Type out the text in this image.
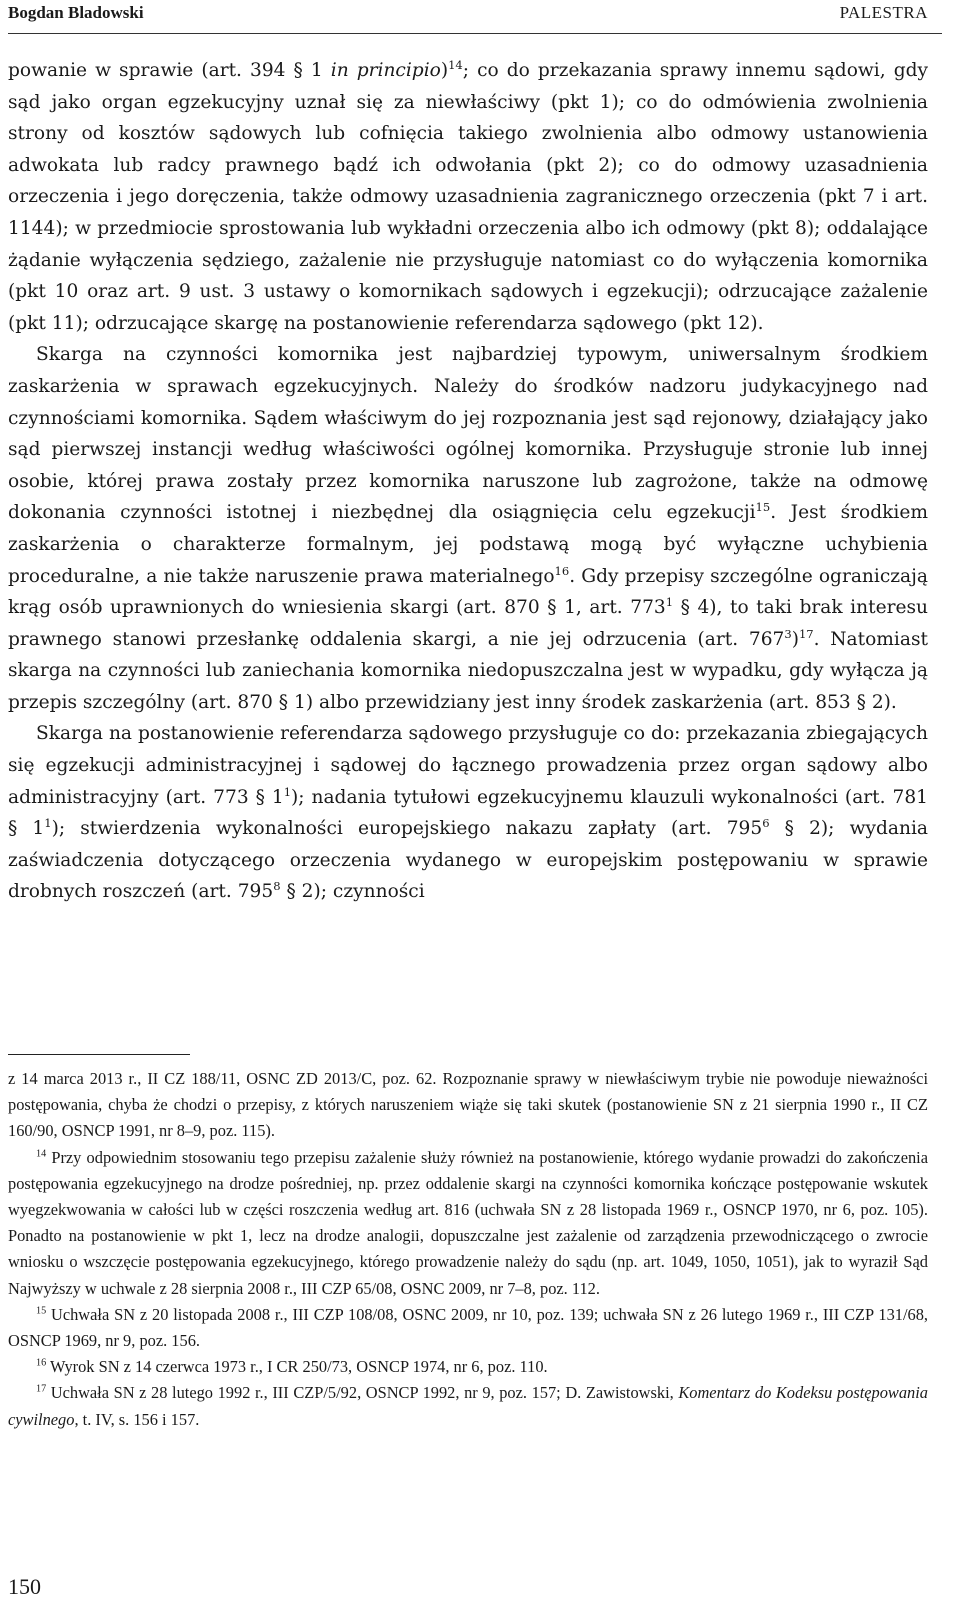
Bogdan Bladowski	PALESTRA

powanie w sprawie (art. 394 § 1 in principio)$^{14}$; co do przekazania sprawy innemu sądowi, gdy sąd jako organ egzekucyjny uznał się za niewłaściwy (pkt 1); co do odmówienia zwolnienia strony od kosztów sądowych lub cofnięcia takiego zwolnienia albo odmowy ustanowienia adwokata lub radcy prawnego bądź ich odwołania (pkt 2); co do odmowy uzasadnienia orzeczenia i jego doręczenia, także odmowy uzasadnienia zagranicznego orzeczenia (pkt 7 i art. 1144); w przedmiocie sprostowania lub wykładni orzeczenia albo ich odmowy (pkt 8); oddalające żądanie wyłączenia sędziego, zażalenie nie przysługuje natomiast co do wyłączenia komornika (pkt 10 oraz art. 9 ust. 3 ustawy o komornikach sądowych i egzekucji); odrzucające zażalenie (pkt 11); odrzucające skargę na postanowienie referendarza sądowego (pkt 12).

Skarga na czynności komornika jest najbardziej typowym, uniwersalnym środkiem zaskarżenia w sprawach egzekucyjnych. Należy do środków nadzoru judykacyjnego nad czynnościami komornika. Sądem właściwym do jej rozpoznania jest sąd rejonowy, działający jako sąd pierwszej instancji według właściwości ogólnej komornika. Przysługuje stronie lub innej osobie, której prawa zostały przez komornika naruszone lub zagrożone, także na odmowę dokonania czynności istotnej i niezbędnej dla osiągnięcia celu egzekucji$^{15}$. Jest środkiem zaskarżenia o charakterze formalnym, jej podstawą mogą być wyłączne uchybienia proceduralne, a nie także naruszenie prawa materialnego$^{16}$. Gdy przepisy szczególne ograniczają krąg osób uprawnionych do wniesienia skargi (art. 870 § 1, art. $773^1$ § 4), to taki brak interesu prawnego stanowi przesłankę oddalenia skargi, a nie jej odrzucenia (art. $767^3)^{17}$. Natomiast skarga na czynności lub zaniechania komornika niedopuszczalna jest w wypadku, gdy wyłącza ją przepis szczególny (art. 870 § 1) albo przewidziany jest inny środek zaskarżenia (art. 853 § 2).

Skarga na postanowienie referendarza sądowego przysługuje co do: przekazania zbiegających się egzekucji administracyjnej i sądowej do łącznego prowadzenia przez organ sądowy albo administracyjny (art. 773 § $1^1$); nadania tytułowi egzekucyjnemu klauzuli wykonalności (art. 781 § $1^1$); stwierdzenia wykonalności europejskiego nakazu zapłaty (art. $795^6$ § 2); wydania zaświadczenia dotyczącego orzeczenia wydanego w europejskim postępowaniu w sprawie drobnych roszczeń (art. $795^8$ § 2); czynności

z 14 marca 2013 r., II CZ 188/11, OSNC ZD 2013/C, poz. 62. Rozpoznanie sprawy w niewłaściwym trybie nie powoduje nieważności postępowania, chyba że chodzi o przepisy, z których naruszeniem wiąże się taki skutek (postanowienie SN z 21 sierpnia 1990 r., II CZ 160/90, OSNCP 1991, nr 8–9, poz. 115).

$^{14}$ Przy odpowiednim stosowaniu tego przepisu zażalenie służy również na postanowienie, którego wydanie prowadzi do zakończenia postępowania egzekucyjnego na drodze pośredniej, np. przez oddalenie skargi na czynności komornika kończące postępowanie wskutek wyegzekwowania w całości lub w części roszczenia według art. 816 (uchwała SN z 28 listopada 1969 r., OSNCP 1970, nr 6, poz. 105). Ponadto na postanowienie w pkt 1, lecz na drodze analogii, dopuszczalne jest zażalenie od zarządzenia przewodniczącego o zwrocie wniosku o wszczęcie postępowania egzekucyjnego, którego prowadzenie należy do sądu (np. art. 1049, 1050, 1051), jak to wyraził Sąd Najwyższy w uchwale z 28 sierpnia 2008 r., III CZP 65/08, OSNC 2009, nr 7–8, poz. 112.

$^{15}$ Uchwała SN z 20 listopada 2008 r., III CZP 108/08, OSNC 2009, nr 10, poz. 139; uchwała SN z 26 lutego 1969 r., III CZP 131/68, OSNCP 1969, nr 9, poz. 156.

$^{16}$ Wyrok SN z 14 czerwca 1973 r., I CR 250/73, OSNCP 1974, nr 6, poz. 110.

$^{17}$ Uchwała SN z 28 lutego 1992 r., III CZP/5/92, OSNCP 1992, nr 9, poz. 157; D. Zawistowski, Komentarz do Kodeksu postępowania cywilnego, t. IV, s. 156 i 157.

150
